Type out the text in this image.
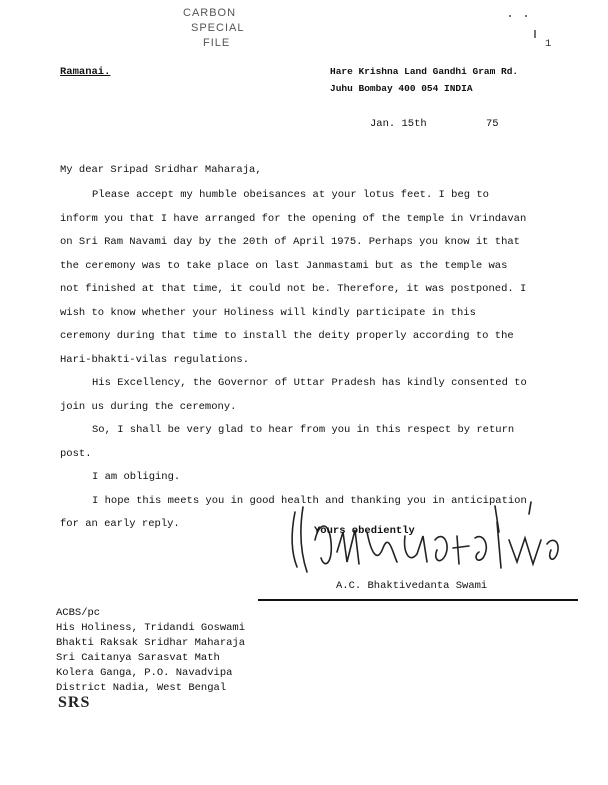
CARBON
SPECIAL
FILE	1
Ramanai.	Hare Krishna Land Gandhi Gram Rd.
Juhu Bombay 400 054 INDIA
Jan. 15th	75
My dear Sripad Sridhar Maharaja,

Please accept my humble obeisances at your lotus feet. I beg to inform you that I have arranged for the opening of the temple in Vrindavan on Sri Ram Navami day by the 20th of April 1975. Perhaps you know it that the ceremony was to take place on last Janmastami but as the temple was not finished at that time, it could not be. Therefore, it was postponed. I wish to know whether your Holiness will kindly participate in this ceremony during that time to install the deity properly according to the Hari-bhakti-vilas regulations.

His Excellency, the Governor of Uttar Pradesh has kindly consented to join us during the ceremony.

So, I shall be very glad to hear from you in this respect by return post.

I am obliging.

I hope this meets you in good health and thanking you in anticipation for an early reply.

Yours obediently
A.C. Bhaktivedanta Swami
ACBS/pc
His Holiness, Tridandi Goswami
Bhakti Raksak Sridhar Maharaja
Sri Caitanya Sarasvat Math
Kolera Ganga, P.O. Navadvipa
District Nadia, West Bengal
SRS
